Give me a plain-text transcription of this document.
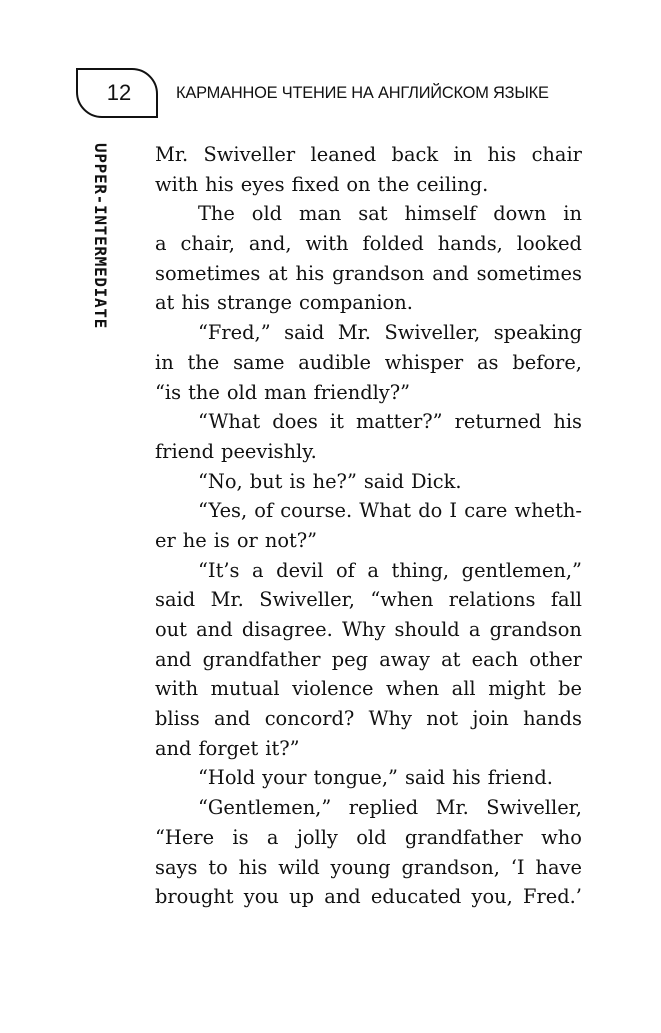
12	КАРМАННОЕ ЧТЕНИЕ НА АНГЛИЙСКОМ ЯЗЫКЕ
UPPER-INTERMEDIATE Mr. Swiveller leaned back in his chair
with his eyes fixed on the ceiling.
The old man sat himself down in
a chair, and, with folded hands, looked
sometimes at his grandson and sometimes
at his strange companion.
“Fred,” said Mr. Swiveller, speaking
in the same audible whisper as before,
“is the old man friendly?”
“What does it matter?” returned his
friend peevishly.
“No, but is he?” said Dick.
“Yes, of course. What do I care wheth-
er he is or not?”
“It’s a devil of a thing, gentlemen,”
said Mr. Swiveller, “when relations fall
out and disagree. Why should a grandson
and grandfather peg away at each other
with mutual violence when all might be
bliss and concord? Why not join hands
and forget it?”
“Hold your tongue,” said his friend.
“Gentlemen,” replied Mr. Swiveller,
“Here is a jolly old grandfather who
says to his wild young grandson, ‘I have
brought you up and educated you, Fred.’
